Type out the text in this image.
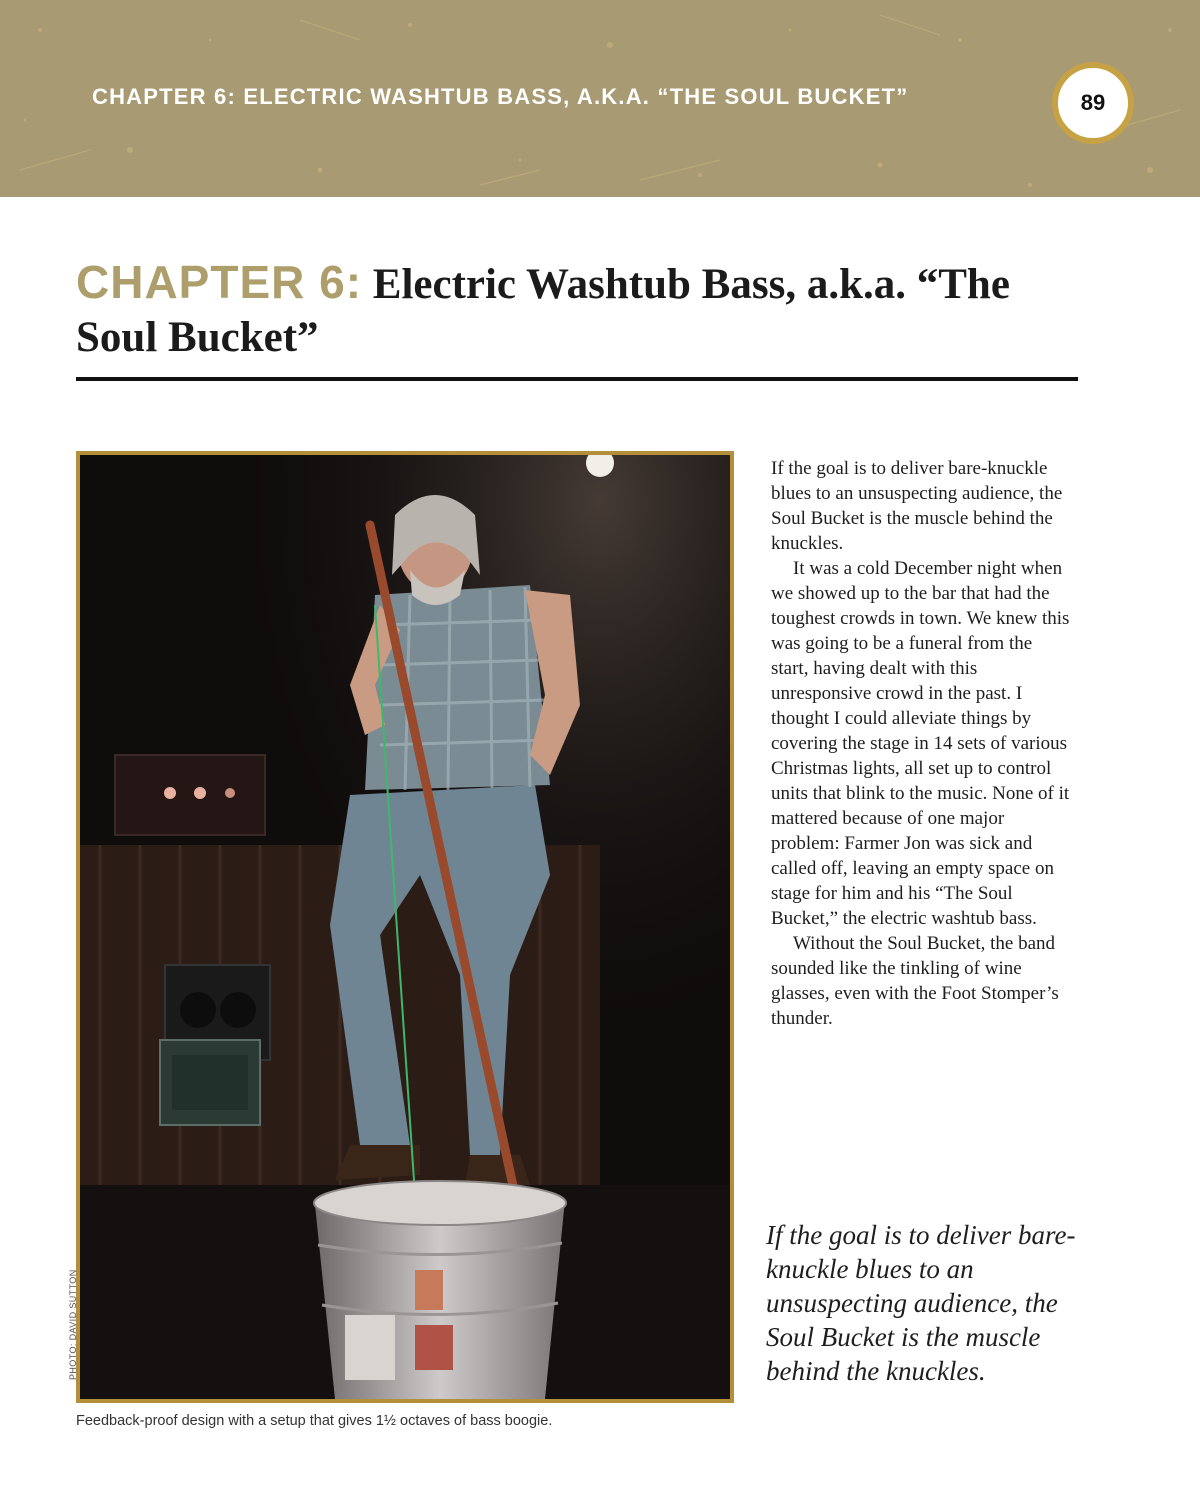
CHAPTER 6: ELECTRIC WASHTUB BASS, A.K.A. “THE SOUL BUCKET”	89
CHAPTER 6: Electric Washtub Bass, a.k.a. “The Soul Bucket”
PHOTO: DAVID SUTTON
Feedback-proof design with a setup that gives 1½ octaves of bass boogie.

If the goal is to deliver bare-knuckle blues to an unsuspecting audience, the Soul Bucket is the muscle behind the knuckles.

It was a cold December night when we showed up to the bar that had the toughest crowds in town. We knew this was going to be a funeral from the start, having dealt with this unresponsive crowd in the past. I thought I could alleviate things by covering the stage in 14 sets of various Christmas lights, all set up to control units that blink to the music. None of it mattered because of one major problem: Farmer Jon was sick and called off, leaving an empty space on stage for him and his “The Soul Bucket,” the electric washtub bass.

Without the Soul Bucket, the band sounded like the tinkling of wine glasses, even with the Foot Stomper’s thunder.

If the goal is to deliver bare-knuckle blues to an unsuspecting audience, the Soul Bucket is the muscle behind the knuckles.
